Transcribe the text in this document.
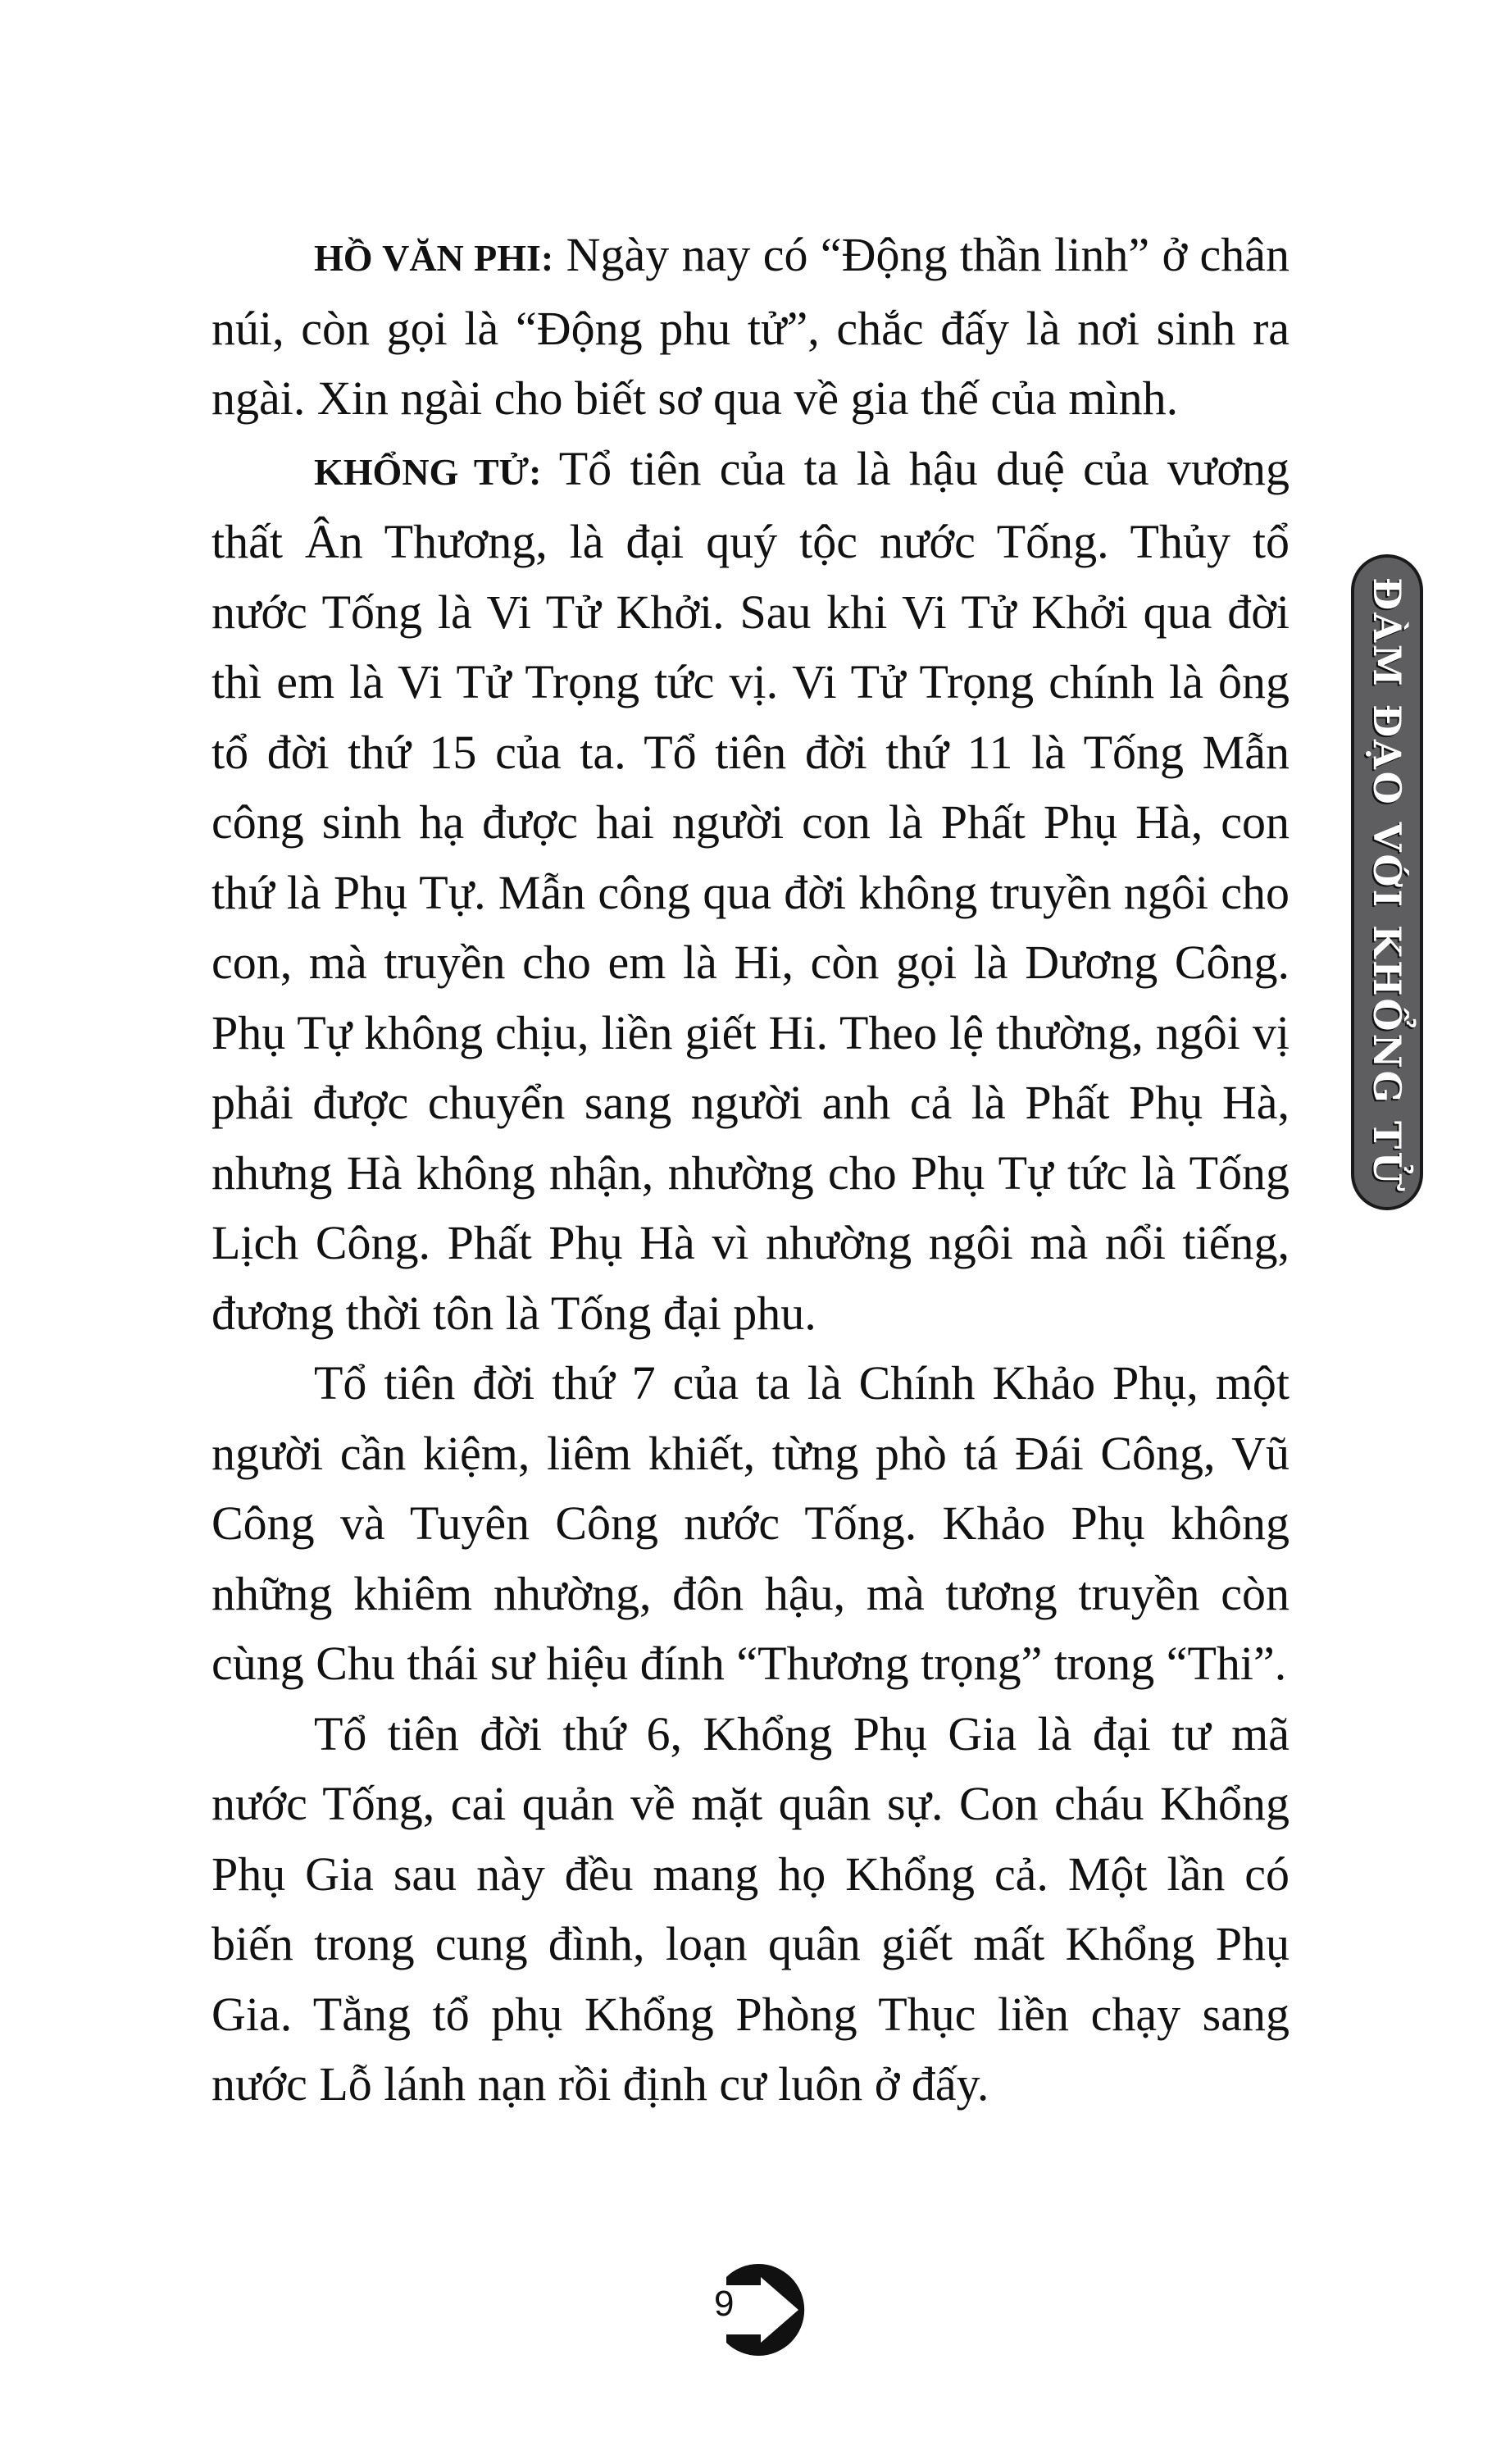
HỒ VĂN PHI: Ngày nay có “Động thần linh” ở chân núi, còn gọi là “Động phu tử”, chắc đấy là nơi sinh ra ngài. Xin ngài cho biết sơ qua về gia thế của mình.

KHỔNG TỬ: Tổ tiên của ta là hậu duệ của vương thất Ân Thương, là đại quý tộc nước Tống. Thủy tổ nước Tống là Vi Tử Khởi. Sau khi Vi Tử Khởi qua đời thì em là Vi Tử Trọng tức vị. Vi Tử Trọng chính là ông tổ đời thứ 15 của ta. Tổ tiên đời thứ 11 là Tống Mẫn công sinh hạ được hai người con là Phất Phụ Hà, con thứ là Phụ Tự. Mẫn công qua đời không truyền ngôi cho con, mà truyền cho em là Hi, còn gọi là Dương Công. Phụ Tự không chịu, liền giết Hi. Theo lệ thường, ngôi vị phải được chuyển sang người anh cả là Phất Phụ Hà, nhưng Hà không nhận, nhường cho Phụ Tự tức là Tống Lịch Công. Phất Phụ Hà vì nhường ngôi mà nổi tiếng, đương thời tôn là Tống đại phu.

Tổ tiên đời thứ 7 của ta là Chính Khảo Phụ, một người cần kiệm, liêm khiết, từng phò tá Đái Công, Vũ Công và Tuyên Công nước Tống. Khảo Phụ không những khiêm nhường, đôn hậu, mà tương truyền còn cùng Chu thái sư hiệu đính “Thương trọng” trong “Thi”.

Tổ tiên đời thứ 6, Khổng Phụ Gia là đại tư mã nước Tống, cai quản về mặt quân sự. Con cháu Khổng Phụ Gia sau này đều mang họ Khổng cả. Một lần có biến trong cung đình, loạn quân giết mất Khổng Phụ Gia. Tằng tổ phụ Khổng Phòng Thục liền chạy sang nước Lỗ lánh nạn rồi định cư luôn ở đấy.

ĐÀM ĐẠO VỚI KHỔNG TỬ
9
